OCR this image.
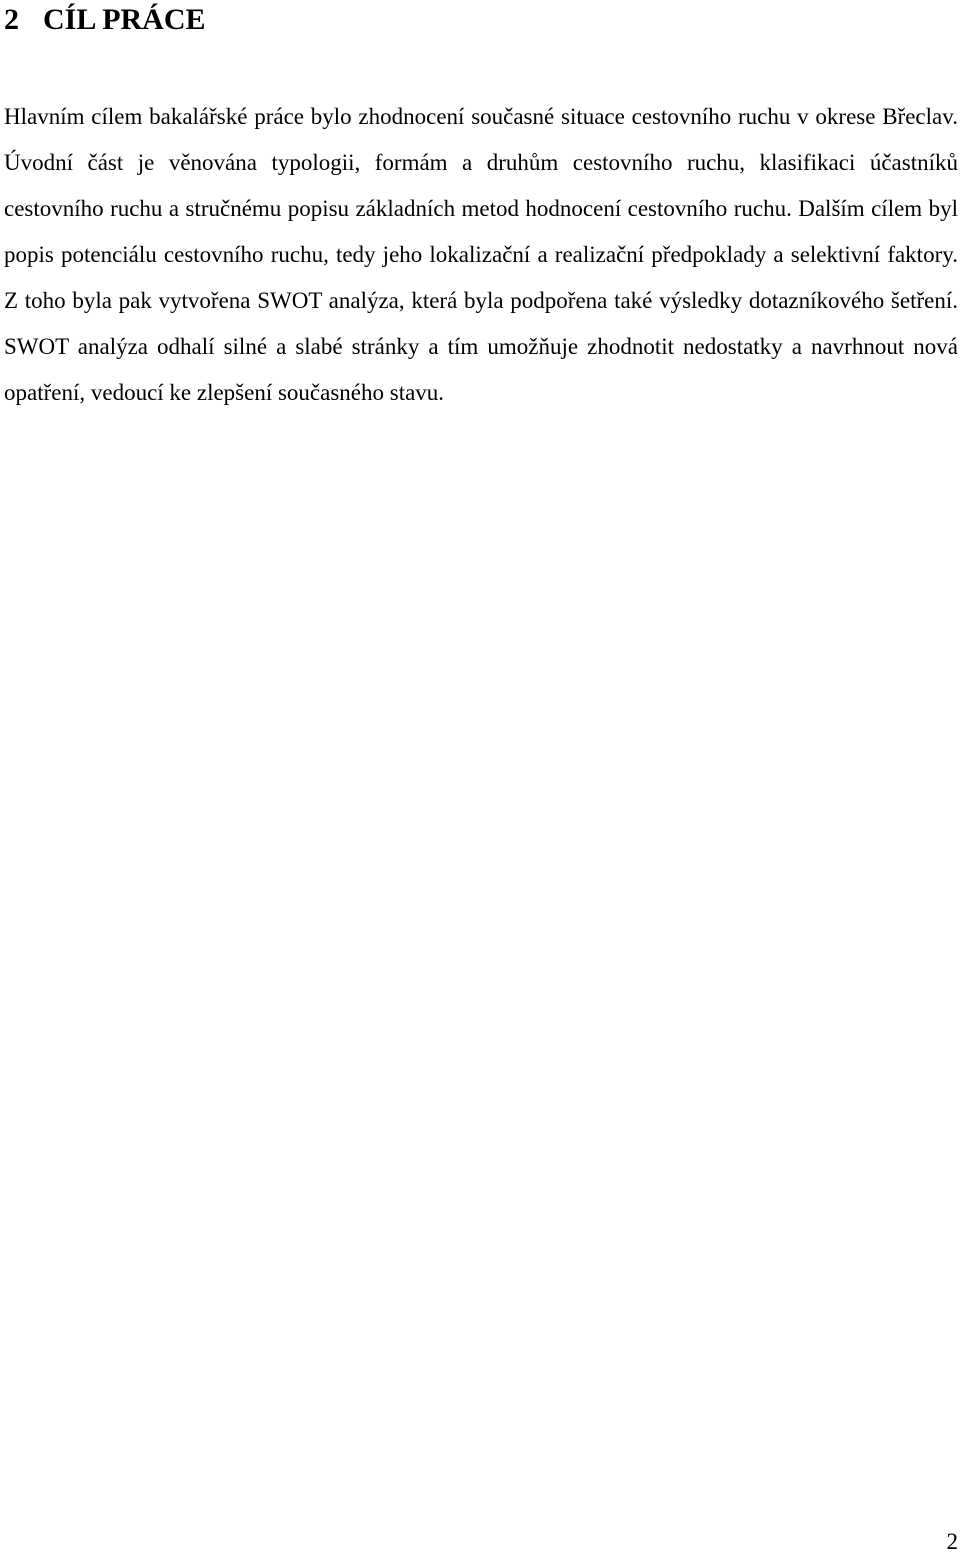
2 CÍL PRÁCE

Hlavním cílem bakalářské práce bylo zhodnocení současné situace cestovního ruchu v okrese Břeclav. Úvodní část je věnována typologii, formám a druhům cestovního ruchu, klasifikaci účastníků cestovního ruchu a stručnému popisu základních metod hodnocení cestovního ruchu. Dalším cílem byl popis potenciálu cestovního ruchu, tedy jeho lokalizační a realizační předpoklady a selektivní faktory. Z toho byla pak vytvořena SWOT analýza, která byla podpořena také výsledky dotazníkového šetření. SWOT analýza odhalí silné a slabé stránky a tím umožňuje zhodnotit nedostatky a navrhnout nová opatření, vedoucí ke zlepšení současného stavu.

2
